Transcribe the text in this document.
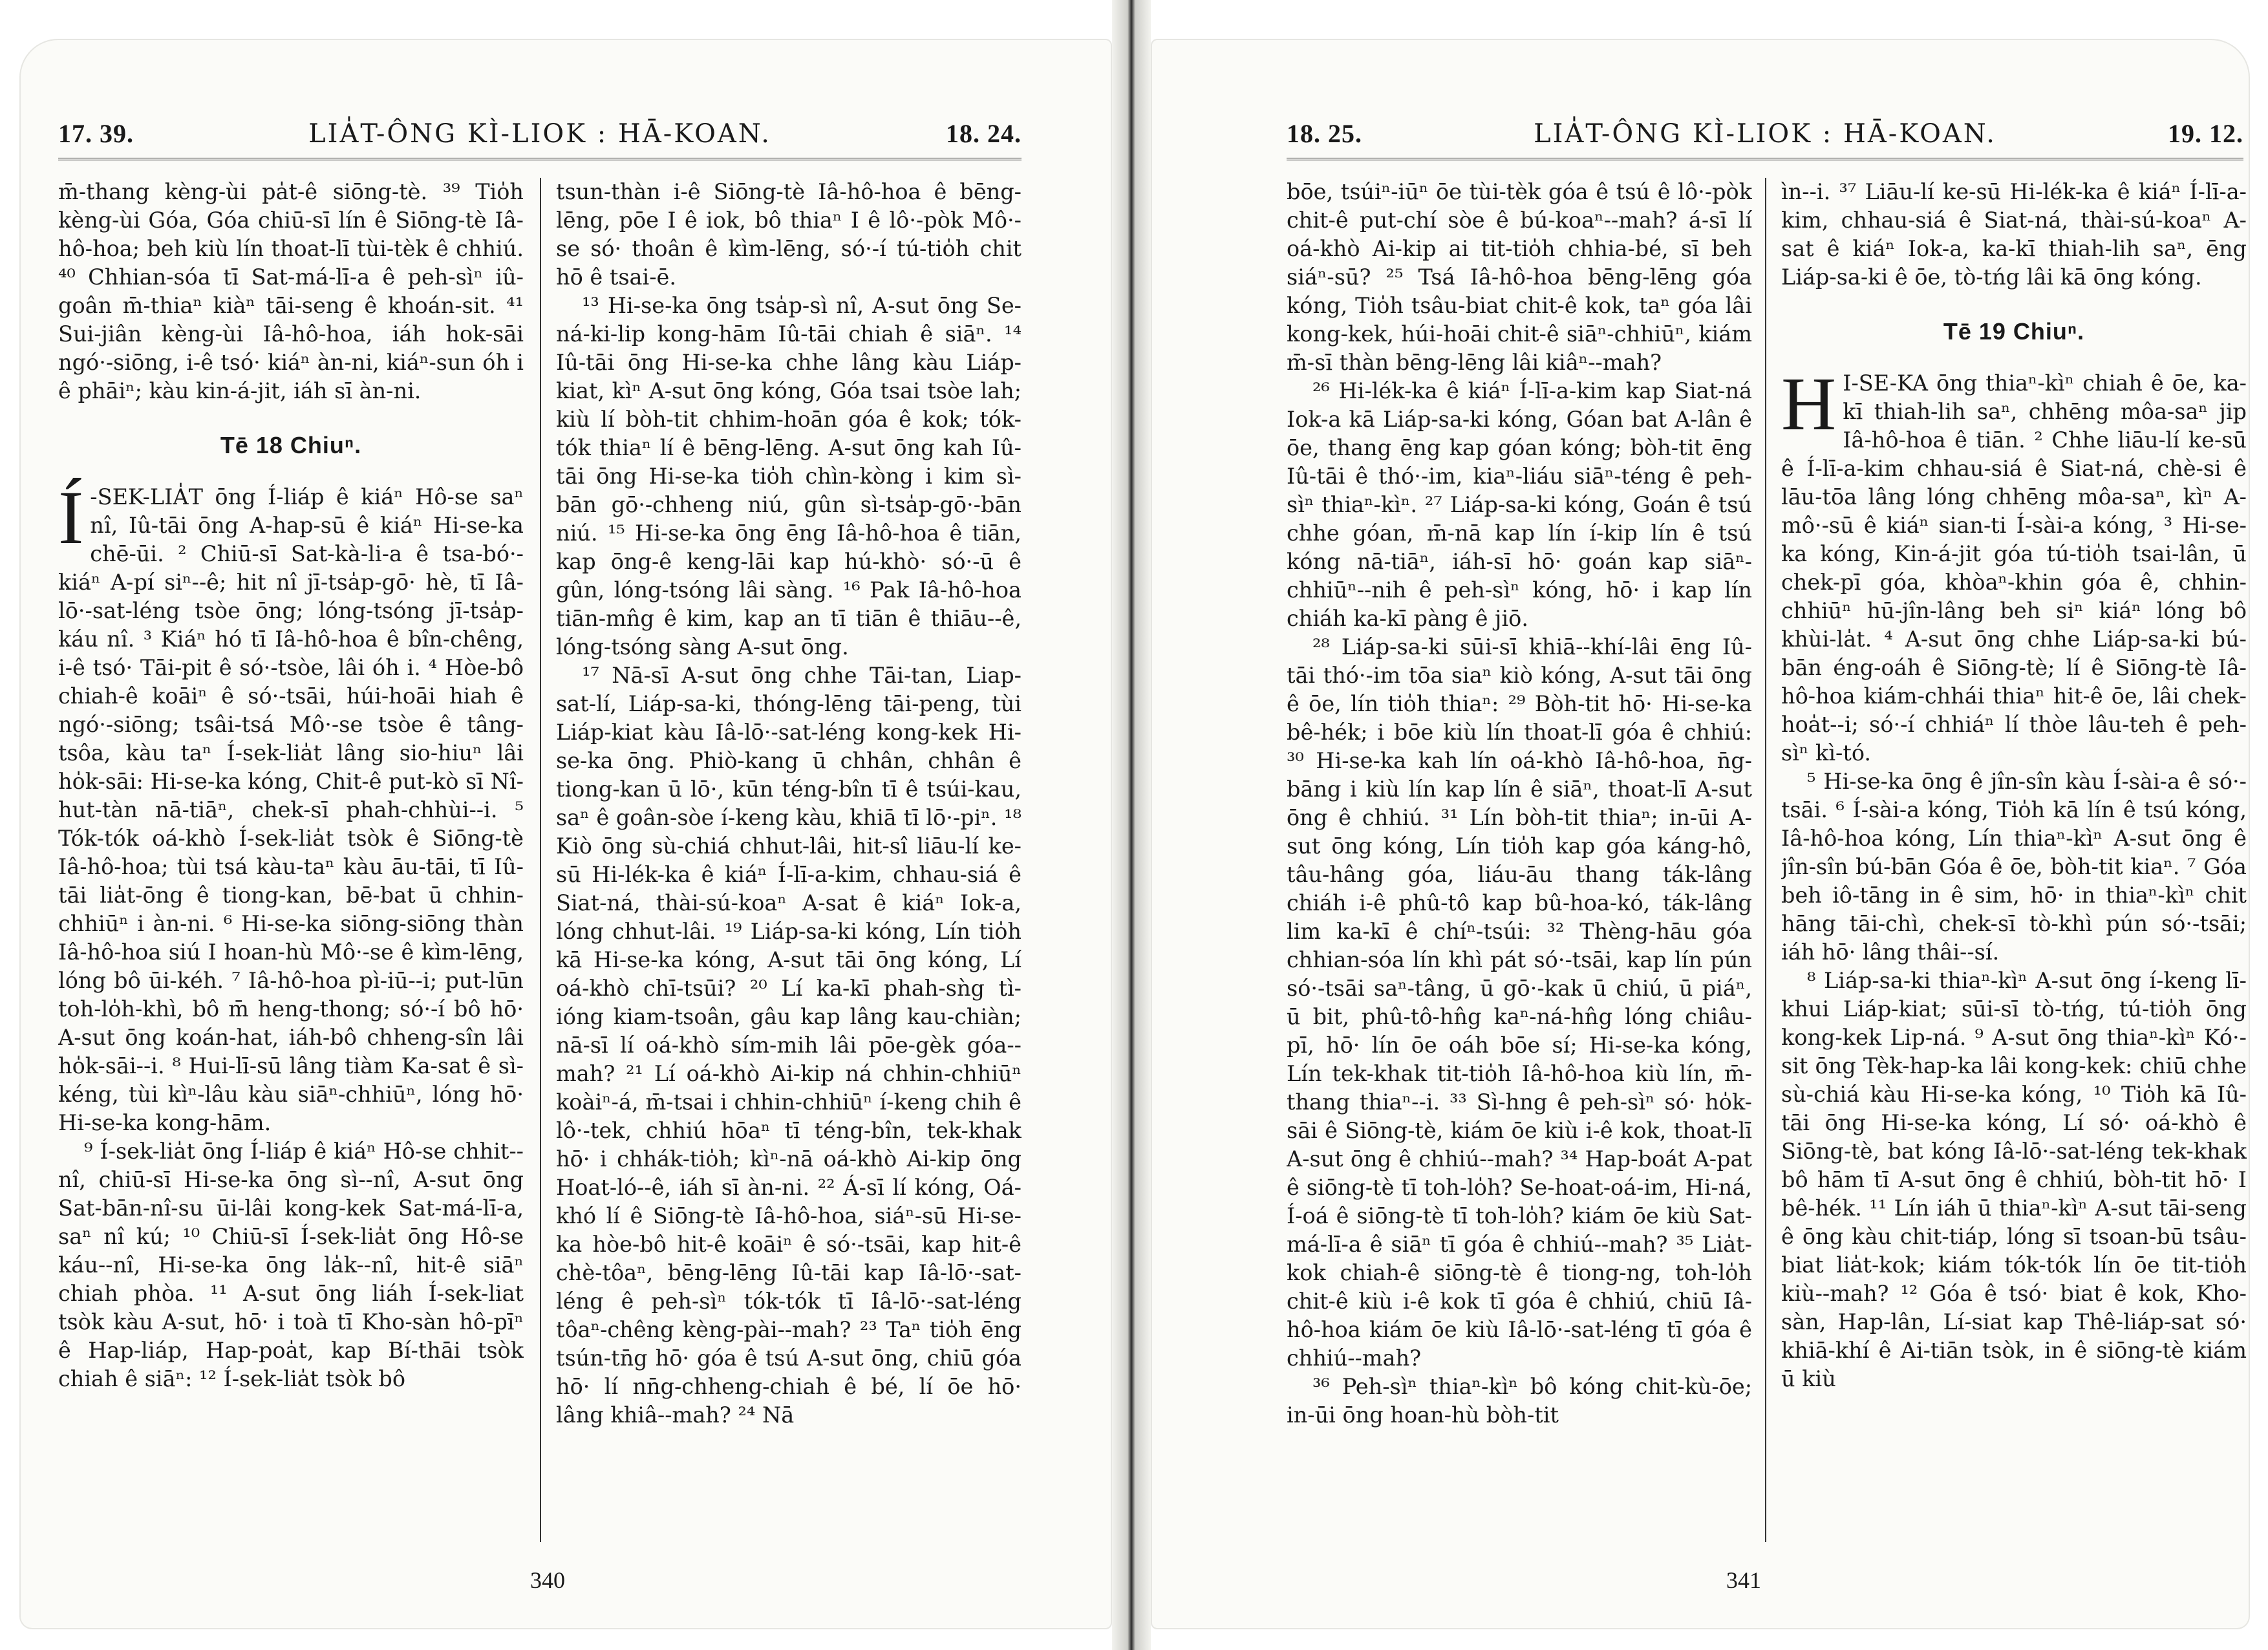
17. 39.	LIA̍T-ÔNG KÌ-LIOK : HĀ-KOAN.	18. 24.

m̄-thang kèng-ùi pa̍t-ê siōng-tè. ³⁹ Tio̍h kèng-ùi Góa, Góa chiū-sī lín ê Siōng-tè Iâ-hô-hoa; beh kiù lín thoat-lī tùi-tèk ê chhiú. ⁴⁰ Chhian-sóa tī Sat-má-lī-a ê peh-sìⁿ iû-goân m̄-thiaⁿ kiàⁿ tāi-seng ê khoán-sit. ⁴¹ Sui-jiân kèng-ùi Iâ-hô-hoa, iáh hok-sāi ngó·-siōng, i-ê tsó· kiáⁿ àn-ni, kiáⁿ-sun óh i ê phāiⁿ; kàu kin-á-jit, iáh sī àn-ni.

Tē 18 Chiuⁿ.

Í -SEK-LIA̍T ōng Í-liáp ê kiáⁿ Hô-se saⁿ nî, Iû-tāi ōng A-hap-sū ê kiáⁿ Hi-se-ka chē-ūi. ² Chiū-sī Sat-kà-li-a ê tsa-bó·-kiáⁿ A-pí siⁿ--ê; hit nî jī-tsa̍p-gō· hè, tī Iâ-lō·-sat-léng tsòe ōng; lóng-tsóng jī-tsa̍p-káu nî. ³ Kiáⁿ hó tī Iâ-hô-hoa ê bîn-chêng, i-ê tsó· Tāi-pit ê só·-tsòe, lâi óh i. ⁴ Hòe-bô chiah-ê koāiⁿ ê só·-tsāi, húi-hoāi hiah ê ngó·-siōng; tsâi-tsá Mô·-se tsòe ê tâng-tsôa, kàu taⁿ Í-sek-lia̍t lâng sio-hiuⁿ lâi ho̍k-sāi: Hi-se-ka kóng, Chit-ê put-kò sī Nî-hut-tàn nā-tiāⁿ, chek-sī phah-chhùi--i. ⁵ Tók-tók oá-khò Í-sek-lia̍t tsòk ê Siōng-tè Iâ-hô-hoa; tùi tsá kàu-taⁿ kàu āu-tāi, tī Iû-tāi lia̍t-ōng ê tiong-kan, bē-bat ū chhin-chhiūⁿ i àn-ni. ⁶ Hi-se-ka siōng-siōng thàn Iâ-hô-hoa siú I hoan-hù Mô·-se ê kìm-lēng, lóng bô ūi-kéh. ⁷ Iâ-hô-hoa pì-iū--i; put-lūn toh-lo̍h-khì, bô m̄ heng-thong; só·-í bô hō· A-sut ōng koán-hat, iáh-bô chheng-sîn lâi ho̍k-sāi--i. ⁸ Hui-lī-sū lâng tiàm Ka-sat ê sì-kéng, tùi kìⁿ-lâu kàu siāⁿ-chhiūⁿ, lóng hō· Hi-se-ka kong-hām.

⁹ Í-sek-lia̍t ōng Í-liáp ê kiáⁿ Hô-se chhit--nî, chiū-sī Hi-se-ka ōng sì--nî, A-sut ōng Sat-bān-nî-su ūi-lâi kong-kek Sat-má-lī-a, saⁿ nî kú; ¹⁰ Chiū-sī Í-sek-lia̍t ōng Hô-se káu--nî, Hi-se-ka ōng la̍k--nî, hit-ê siāⁿ chiah phòa. ¹¹ A-sut ōng liáh Í-sek-liat tsòk kàu A-sut, hō· i toà tī Kho-sàn hô-pīⁿ ê Hap-liáp, Hap-poa̍t, kap Bí-thāi tsòk chiah ê siāⁿ: ¹² Í-sek-lia̍t tsòk bô

tsun-thàn i-ê Siōng-tè Iâ-hô-hoa ê bēng-lēng, pōe I ê iok, bô thiaⁿ I ê lô·-pòk Mô·-se só· thoân ê kìm-lēng, só·-í tú-tio̍h chit hō ê tsai-ē.

¹³ Hi-se-ka ōng tsa̍p-sì nî, A-sut ōng Se-ná-ki-lip kong-hām Iû-tāi chiah ê siāⁿ. ¹⁴ Iû-tāi ōng Hi-se-ka chhe lâng kàu Liáp-kiat, kìⁿ A-sut ōng kóng, Góa tsai tsòe lah; kiù lí bòh-tit chhim-hoān góa ê kok; tók-tók thiaⁿ lí ê bēng-lēng. A-sut ōng kah Iû-tāi ōng Hi-se-ka tio̍h chìn-kòng i kim sì-bān gō·-chheng niú, gûn sì-tsa̍p-gō·-bān niú. ¹⁵ Hi-se-ka ōng ēng Iâ-hô-hoa ê tiān, kap ōng-ê keng-lāi kap hú-khò· só·-ū ê gûn, lóng-tsóng lâi sàng. ¹⁶ Pak Iâ-hô-hoa tiān-mn̂g ê kim, kap an tī tiān ê thiāu--ê, lóng-tsóng sàng A-sut ōng.

¹⁷ Nā-sī A-sut ōng chhe Tāi-tan, Liap-sat-lí, Liáp-sa-ki, thóng-lēng tāi-peng, tùi Liáp-kiat kàu Iâ-lō·-sat-léng kong-kek Hi-se-ka ōng. Phiò-kang ū chhân, chhân ê tiong-kan ū lō·, kūn téng-bîn tī ê tsúi-kau, saⁿ ê goân-sòe í-keng kàu, khiā tī lō·-piⁿ. ¹⁸ Kiò ōng sù-chiá chhut-lâi, hit-sî liāu-lí ke-sū Hi-lék-ka ê kiáⁿ Í-lī-a-kim, chhau-siá ê Siat-ná, thài-sú-koaⁿ A-sat ê kiáⁿ Iok-a, lóng chhut-lâi. ¹⁹ Liáp-sa-ki kóng, Lín tio̍h kā Hi-se-ka kóng, A-sut tāi ōng kóng, Lí oá-khò chī-tsūi? ²⁰ Lí ka-kī phah-sǹg tì-ióng kiam-tsoân, gâu kap lâng kau-chiàn; nā-sī lí oá-khò sím-mih lâi pōe-gèk góa--mah? ²¹ Lí oá-khò Ai-kip ná chhin-chhiūⁿ koàiⁿ-á, m̄-tsai i chhin-chhiūⁿ í-keng chih ê lô·-tek, chhiú hōaⁿ tī téng-bîn, tek-khak hō· i chhák-tio̍h; kìⁿ-nā oá-khò Ai-kip ōng Hoat-ló--ê, iáh sī àn-ni. ²² Á-sī lí kóng, Oá-khó lí ê Siōng-tè Iâ-hô-hoa, siáⁿ-sū Hi-se-ka hòe-bô hit-ê koāiⁿ ê só·-tsāi, kap hit-ê chè-tôaⁿ, bēng-lēng Iû-tāi kap Iâ-lō·-sat-léng ê peh-sìⁿ tók-tók tī Iâ-lō·-sat-léng tôaⁿ-chêng kèng-pài--mah? ²³ Taⁿ tio̍h ēng tsún-tn̄g hō· góa ê tsú A-sut ōng, chiū góa hō· lí nn̄g-chheng-chiah ê bé, lí ōe hō· lâng khiâ--mah? ²⁴ Nā

340
18. 25.	LIA̍T-ÔNG KÌ-LIOK : HĀ-KOAN.	19. 12.

bōe, tsúiⁿ-iūⁿ ōe tùi-tèk góa ê tsú ê lô·-pòk chit-ê put-chí sòe ê bú-koaⁿ--mah? á-sī lí oá-khò Ai-kip ai tit-tio̍h chhia-bé, sī beh siáⁿ-sū? ²⁵ Tsá Iâ-hô-hoa bēng-lēng góa kóng, Tio̍h tsâu-biat chit-ê kok, taⁿ góa lâi kong-kek, húi-hoāi chit-ê siāⁿ-chhiūⁿ, kiám m̄-sī thàn bēng-lēng lâi kiâⁿ--mah?

²⁶ Hi-lék-ka ê kiáⁿ Í-lī-a-kim kap Siat-ná Iok-a kā Liáp-sa-ki kóng, Góan bat A-lân ê ōe, thang ēng kap góan kóng; bòh-tit ēng Iû-tāi ê thó·-im, kiaⁿ-liáu siāⁿ-téng ê peh-sìⁿ thiaⁿ-kìⁿ. ²⁷ Liáp-sa-ki kóng, Goán ê tsú chhe góan, m̄-nā kap lín í-kip lín ê tsú kóng nā-tiāⁿ, iáh-sī hō· goán kap siāⁿ-chhiūⁿ--nih ê peh-sìⁿ kóng, hō· i kap lín chiáh ka-kī pàng ê jiō.

²⁸ Liáp-sa-ki sūi-sī khiā--khí-lâi ēng Iû-tāi thó·-im tōa siaⁿ kiò kóng, A-sut tāi ōng ê ōe, lín tio̍h thiaⁿ: ²⁹ Bòh-tit hō· Hi-se-ka bê-hék; i bōe kiù lín thoat-lī góa ê chhiú: ³⁰ Hi-se-ka kah lín oá-khò Iâ-hô-hoa, n̄g-bāng i kiù lín kap lín ê siāⁿ, thoat-lī A-sut ōng ê chhiú. ³¹ Lín bòh-tit thiaⁿ; in-ūi A-sut ōng kóng, Lín tio̍h kap góa káng-hô, tâu-hâng góa, liáu-āu thang ták-lâng chiáh i-ê phû-tô kap bû-hoa-kó, ták-lâng lim ka-kī ê chíⁿ-tsúi: ³² Thèng-hāu góa chhian-sóa lín khì pát só·-tsāi, kap lín pún só·-tsāi saⁿ-tâng, ū gō·-kak ū chiú, ū piáⁿ, ū bit, phû-tô-hn̂g kaⁿ-ná-hn̂g lóng chiâu-pī, hō· lín ōe oáh bōe sí; Hi-se-ka kóng, Lín tek-khak tit-tio̍h Iâ-hô-hoa kiù lín, m̄-thang thiaⁿ--i. ³³ Sì-hng ê peh-sìⁿ só· ho̍k-sāi ê Siōng-tè, kiám ōe kiù i-ê kok, thoat-lī A-sut ōng ê chhiú--mah? ³⁴ Hap-boát A-pat ê siōng-tè tī toh-lo̍h? Se-hoat-oá-im, Hi-ná, Í-oá ê siōng-tè tī toh-lo̍h? kiám ōe kiù Sat-má-lī-a ê siāⁿ tī góa ê chhiú--mah? ³⁵ Lia̍t-kok chiah-ê siōng-tè ê tiong-ng, toh-lo̍h chit-ê kiù i-ê kok tī góa ê chhiú, chiū Iâ-hô-hoa kiám ōe kiù Iâ-lō·-sat-léng tī góa ê chhiú--mah?

³⁶ Peh-sìⁿ thiaⁿ-kìⁿ bô kóng chit-kù-ōe; in-ūi ōng hoan-hù bòh-tit

ìn--i. ³⁷ Liāu-lí ke-sū Hi-lék-ka ê kiáⁿ Í-lī-a-kim, chhau-siá ê Siat-ná, thài-sú-koaⁿ A-sat ê kiáⁿ Iok-a, ka-kī thiah-lih saⁿ, ēng Liáp-sa-ki ê ōe, tò-tńg lâi kā ōng kóng.

Tē 19 Chiuⁿ.

H I-SE-KA ōng thiaⁿ-kìⁿ chiah ê ōe, ka-kī thiah-lih saⁿ, chhēng môa-saⁿ jip Iâ-hô-hoa ê tiān. ² Chhe liāu-lí ke-sū ê Í-lī-a-kim chhau-siá ê Siat-ná, chè-si ê lāu-tōa lâng lóng chhēng môa-saⁿ, kìⁿ A-mô·-sū ê kiáⁿ sian-ti Í-sài-a kóng, ³ Hi-se-ka kóng, Kin-á-jit góa tú-tio̍h tsai-lân, ū chek-pī góa, khòaⁿ-khin góa ê, chhin-chhiūⁿ hū-jîn-lâng beh siⁿ kiáⁿ lóng bô khùi-la̍t. ⁴ A-sut ōng chhe Liáp-sa-ki bú-bān éng-oáh ê Siōng-tè; lí ê Siōng-tè Iâ-hô-hoa kiám-chhái thiaⁿ hit-ê ōe, lâi chek-hoa̍t--i; só·-í chhiáⁿ lí thòe lâu-teh ê peh-sìⁿ kì-tó.

⁵ Hi-se-ka ōng ê jîn-sîn kàu Í-sài-a ê só·-tsāi. ⁶ Í-sài-a kóng, Tio̍h kā lín ê tsú kóng, Iâ-hô-hoa kóng, Lín thiaⁿ-kìⁿ A-sut ōng ê jîn-sîn bú-bān Góa ê ōe, bòh-tit kiaⁿ. ⁷ Góa beh iô-tāng in ê sim, hō· in thiaⁿ-kìⁿ chit hāng tāi-chì, chek-sī tò-khì pún só·-tsāi; iáh hō· lâng thâi--sí.

⁸ Liáp-sa-ki thiaⁿ-kìⁿ A-sut ōng í-keng lī-khui Liáp-kiat; sūi-sī tò-tńg, tú-tio̍h ōng kong-kek Lip-ná. ⁹ A-sut ōng thiaⁿ-kìⁿ Kó·-sit ōng Tèk-hap-ka lâi kong-kek: chiū chhe sù-chiá kàu Hi-se-ka kóng, ¹⁰ Tio̍h kā Iû-tāi ōng Hi-se-ka kóng, Lí só· oá-khò ê Siōng-tè, bat kóng Iâ-lō·-sat-léng tek-khak bô hām tī A-sut ōng ê chhiú, bòh-tit hō· I bê-hék. ¹¹ Lín iáh ū thiaⁿ-kìⁿ A-sut tāi-seng ê ōng kàu chit-tiáp, lóng sī tsoan-bū tsâu-biat lia̍t-kok; kiám tók-tók lín ōe tit-tio̍h kiù--mah? ¹² Góa ê tsó· biat ê kok, Kho-sàn, Hap-lân, Lí-siat kap Thê-liáp-sat só· khiā-khí ê Ai-tiān tsòk, in ê siōng-tè kiám ū kiù

341
